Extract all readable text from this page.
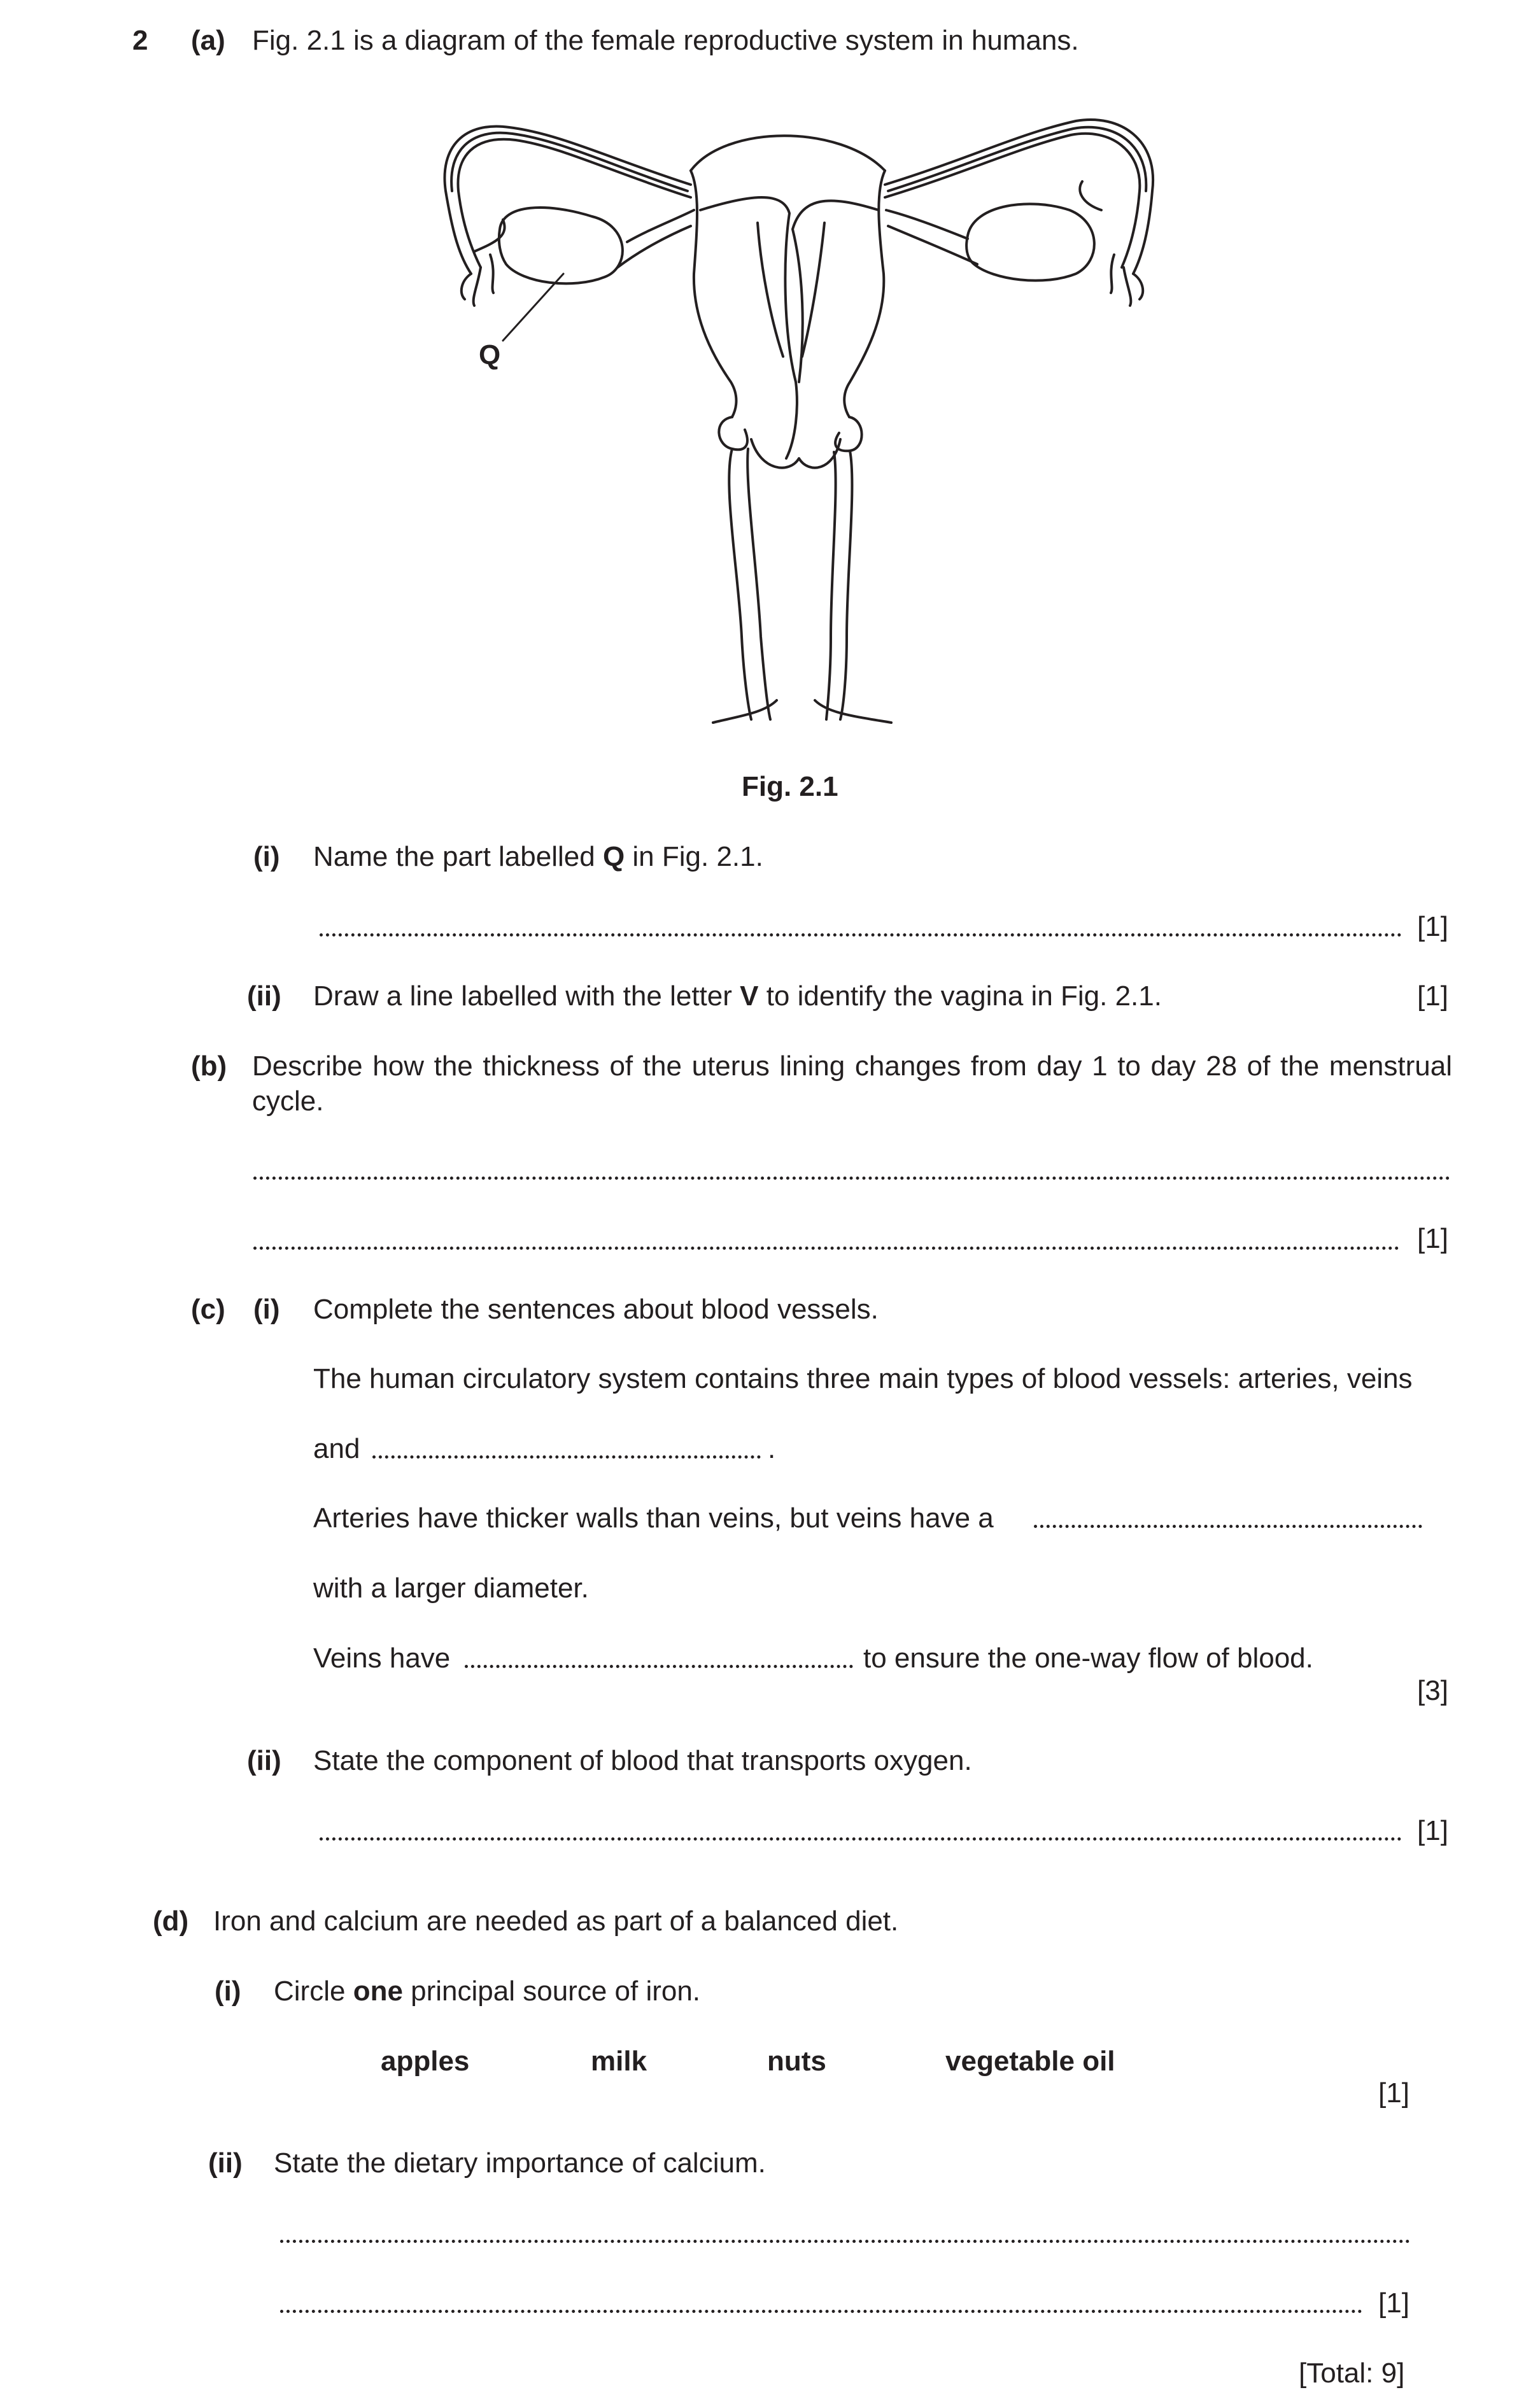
2 (a) Fig. 2.1 is a diagram of the female reproductive system in humans.
Q
Fig. 2.1
(i) Name the part labelled Q in Fig. 2.1.
[1]
(ii) Draw a line labelled with the letter V to identify the vagina in Fig. 2.1.	[1]
(b) Describe how the thickness of the uterus lining changes from day 1 to day 28 of the menstrual cycle.
[1]
(c) (i) Complete the sentences about blood vessels.
The human circulatory system contains three main types of blood vessels: arteries, veins
and	.
Arteries have thicker walls than veins, but veins have a
with a larger diameter.
Veins have	to ensure the one-way flow of blood.
[3]
(ii) State the component of blood that transports oxygen.
[1]
(d) Iron and calcium are needed as part of a balanced diet.
(i) Circle one principal source of iron.
apples	milk	nuts	vegetable oil
[1]
(ii) State the dietary importance of calcium.
[1]
[Total: 9]
